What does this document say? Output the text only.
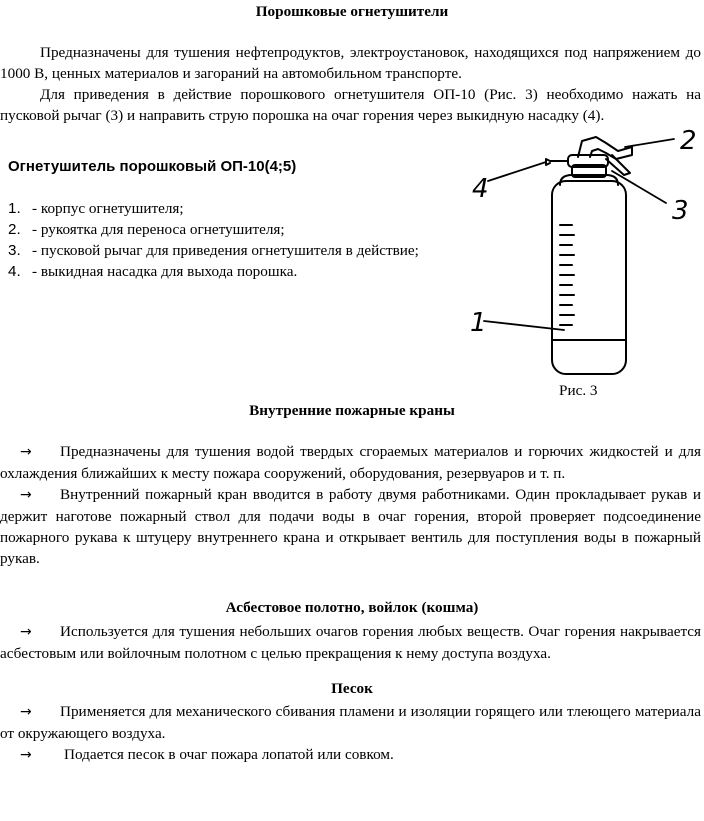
Порошковые огнетушители

Предназначены для тушения нефтепродуктов, электроустановок, находящихся под напряжением до 1000 В, ценных материалов и загораний на автомобильном транспорте.

Для приведения в действие порошкового огнетушителя ОП-10 (Рис. 3) необходимо нажать на пусковой рычаг (3) и направить струю порошка на очаг горения через выкидную насадку (4).

Огнетушитель порошковый ОП-10(4;5)
1. - корпус огнетушителя;
2. - рукоятка для переноса огнетушителя;
3. - пусковой рычаг для приведения огнетушителя в действие;
4. - выкидная насадка для выхода порошка.
1
2
3
4
Рис. 3
Внутренние пожарные краны

→ Предназначены для тушения водой твердых сгораемых материалов и горючих жидкостей и для охлаждения ближайших к месту пожара сооружений, оборудования, резервуаров и т. п.

→ Внутренний пожарный кран вводится в работу двумя работниками. Один прокладывает рукав и держит наготове пожарный ствол для подачи воды в очаг горения, второй проверяет подсоединение пожарного рукава к штуцеру внутреннего крана и открывает вентиль для поступления воды в пожарный рукав.

Асбестовое полотно, войлок (кошма)

→ Используется для тушения небольших очагов горения любых веществ. Очаг горения накрывается асбестовым или войлочным полотном с целью прекращения к нему доступа воздуха.

Песок

→ Применяется для механического сбивания пламени и изоляции горящего или тлеющего материала от окружающего воздуха.

→ Подается песок в очаг пожара лопатой или совком.
